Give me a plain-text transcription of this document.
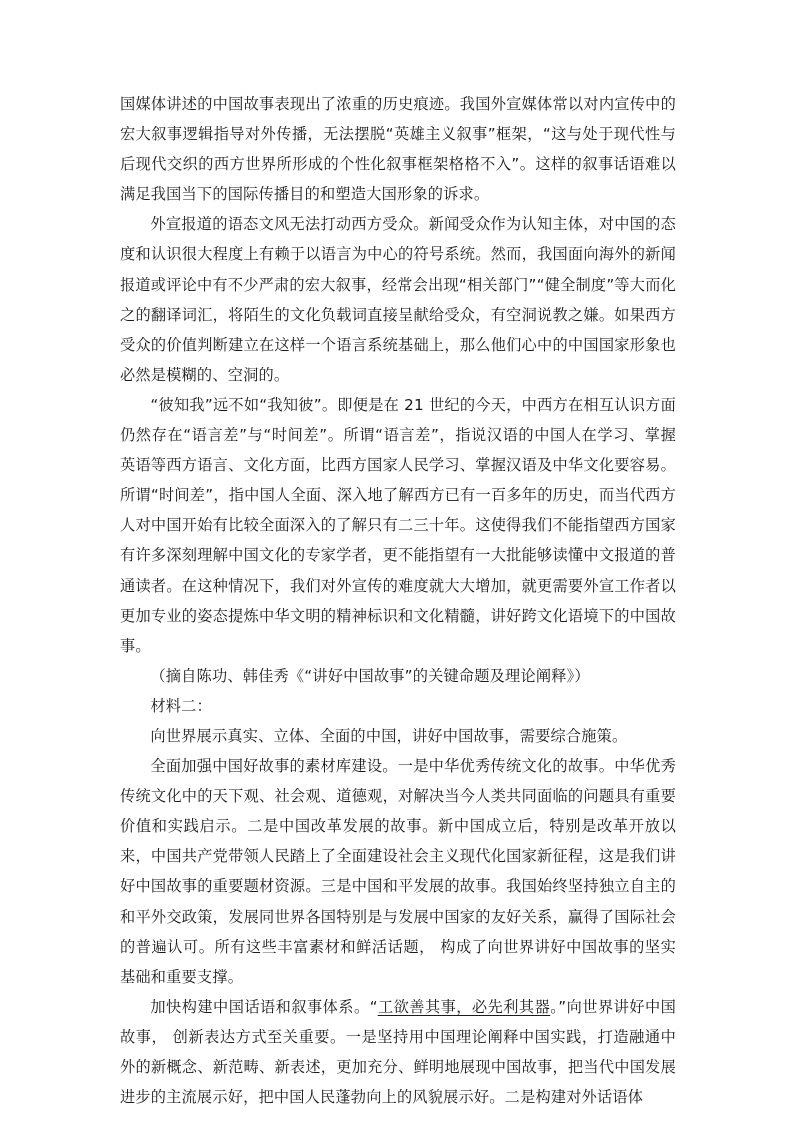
国媒体讲述的中国故事表现出了浓重的历史痕迹。我国外宣媒体常以对内宣传中的宏大叙事逻辑指导对外传播，无法摆脱“英雄主义叙事”框架，“这与处于现代性与后现代交织的西方世界所形成的个性化叙事框架格格不入”。这样的叙事话语难以满足我国当下的国际传播目的和塑造大国形象的诉求。

外宣报道的语态文风无法打动西方受众。新闻受众作为认知主体，对中国的态度和认识很大程度上有赖于以语言为中心的符号系统。然而，我国面向海外的新闻报道或评论中有不少严肃的宏大叙事，经常会出现“相关部门”“健全制度”等大而化之的翻译词汇，将陌生的文化负载词直接呈献给受众，有空洞说教之嫌。如果西方受众的价值判断建立在这样一个语言系统基础上，那么他们心中的中国国家形象也必然是模糊的、空洞的。

“彼知我”远不如“我知彼”。即便是在 21 世纪的今天，中西方在相互认识方面仍然存在“语言差”与“时间差”。所谓“语言差”，指说汉语的中国人在学习、掌握英语等西方语言、文化方面，比西方国家人民学习、掌握汉语及中华文化要容易。所谓“时间差”，指中国人全面、深入地了解西方已有一百多年的历史，而当代西方人对中国开始有比较全面深入的了解只有二三十年。这使得我们不能指望西方国家有许多深刻理解中国文化的专家学者，更不能指望有一大批能够读懂中文报道的普通读者。在这种情况下，我们对外宣传的难度就大大增加，就更需要外宣工作者以更加专业的姿态提炼中华文明的精神标识和文化精髓，讲好跨文化语境下的中国故事。

（摘自陈功、韩佳秀《“讲好中国故事”的关键命题及理论阐释》）

材料二：

向世界展示真实、立体、全面的中国，讲好中国故事，需要综合施策。

全面加强中国好故事的素材库建设。一是中华优秀传统文化的故事。中华优秀传统文化中的天下观、社会观、道德观，对解决当今人类共同面临的问题具有重要价值和实践启示。二是中国改革发展的故事。新中国成立后，特别是改革开放以来，中国共产党带领人民踏上了全面建设社会主义现代化国家新征程，这是我们讲好中国故事的重要题材资源。三是中国和平发展的故事。我国始终坚持独立自主的和平外交政策，发展同世界各国特别是与发展中国家的友好关系，赢得了国际社会的普遍认可。所有这些丰富素材和鲜活话题， 构成了向世界讲好中国故事的坚实基础和重要支撑。

加快构建中国话语和叙事体系。“工欲善其事，必先利其器。”向世界讲好中国故事， 创新表达方式至关重要。一是坚持用中国理论阐释中国实践，打造融通中外的新概念、新范畴、新表述，更加充分、鲜明地展现中国故事，把当代中国发展进步的主流展示好，把中国人民蓬勃向上的风貌展示好。二是构建对外话语体
